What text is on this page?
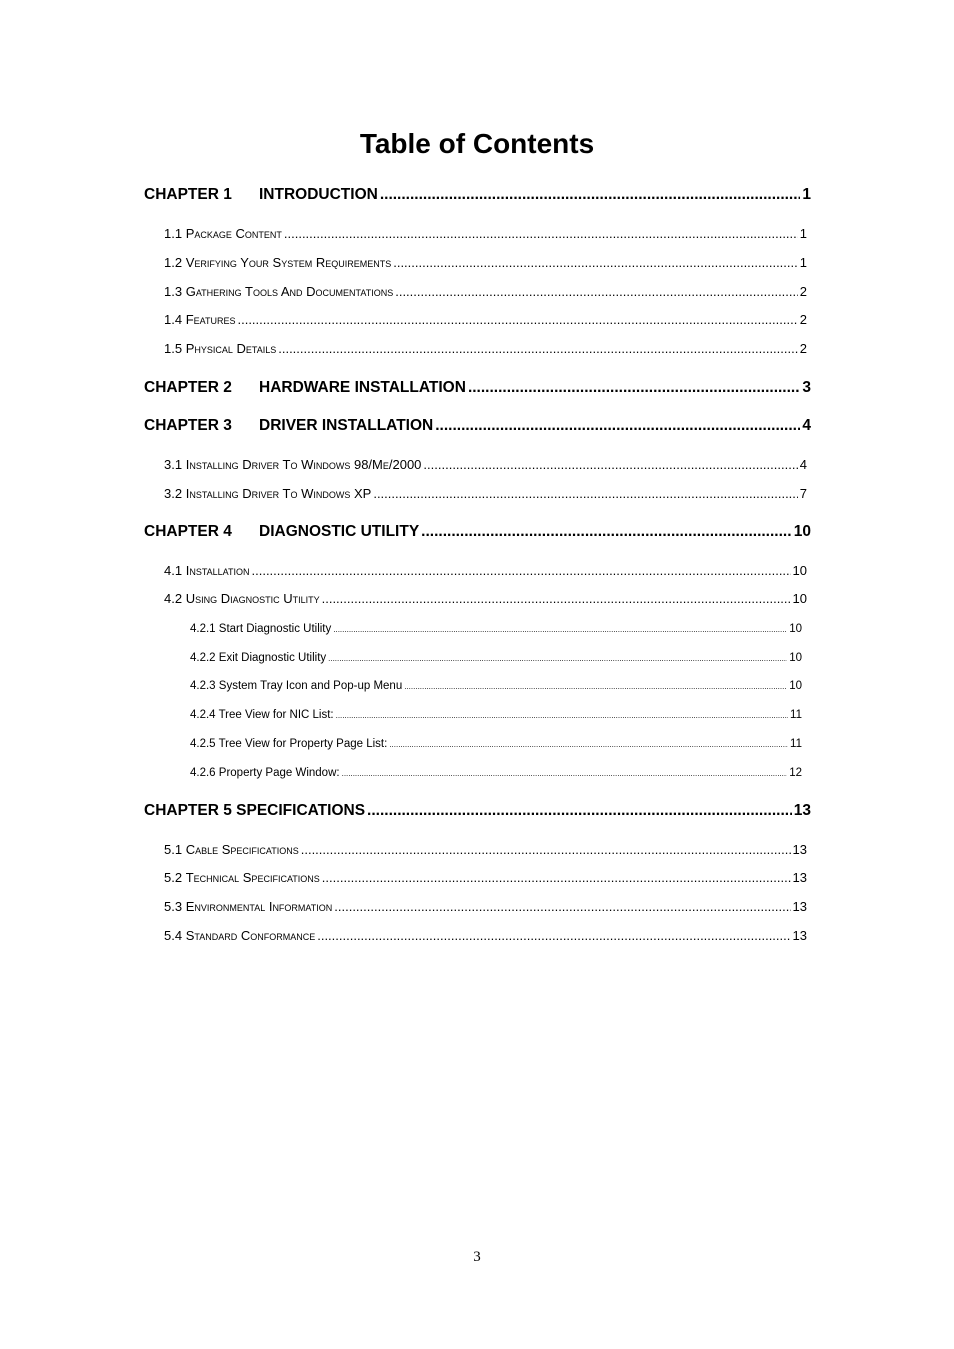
Table of Contents
CHAPTER 1 INTRODUCTION .....	1
1.1 Package Content .....	1
1.2 Verifying Your System Requirements .....	1
1.3 Gathering Tools And Documentations .....	2
1.4 Features .....	2
1.5 Physical Details .....	2
CHAPTER 2 HARDWARE INSTALLATION .....	3
CHAPTER 3 DRIVER INSTALLATION .....	4
3.1 Installing Driver To Windows 98/Me/2000 .....	4
3.2 Installing Driver To Windows XP .....	7
CHAPTER 4 DIAGNOSTIC UTILITY .....	10
4.1 Installation .....	10
4.2 Using Diagnostic Utility .....	10
4.2.1 Start Diagnostic Utility .....	10
4.2.2 Exit Diagnostic Utility .....	10
4.2.3 System Tray Icon and Pop-up Menu .....	10
4.2.4 Tree View for NIC List: .....	11
4.2.5 Tree View for Property Page List: .....	11
4.2.6 Property Page Window: .....	12
CHAPTER 5 SPECIFICATIONS .....	13
5.1 Cable Specifications .....	13
5.2 Technical Specifications .....	13
5.3 Environmental Information .....	13
5.4 Standard Conformance .....	13
3
